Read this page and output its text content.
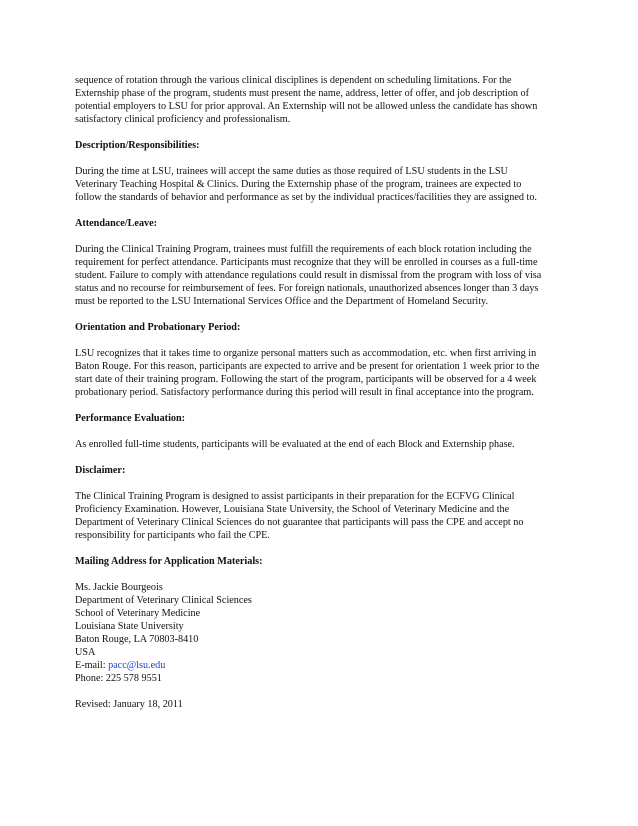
sequence of rotation through the various clinical disciplines is dependent on scheduling limitations. For the
Externship phase of the program, students must present the name, address, letter of offer, and job description of
potential employers to LSU for prior approval. An Externship will not be allowed unless the candidate has shown
satisfactory clinical proficiency and professionalism.

Description/Responsibilities:

During the time at LSU, trainees will accept the same duties as those required of LSU students in the LSU
Veterinary Teaching Hospital & Clinics. During the Externship phase of the program, trainees are expected to
follow the standards of behavior and performance as set by the individual practices/facilities they are assigned to.

Attendance/Leave:

During the Clinical Training Program, trainees must fulfill the requirements of each block rotation including the
requirement for perfect attendance. Participants must recognize that they will be enrolled in courses as a full-time
student. Failure to comply with attendance regulations could result in dismissal from the program with loss of visa
status and no recourse for reimbursement of fees. For foreign nationals, unauthorized absences longer than 3 days
must be reported to the LSU International Services Office and the Department of Homeland Security.

Orientation and Probationary Period:

LSU recognizes that it takes time to organize personal matters such as accommodation, etc. when first arriving in
Baton Rouge. For this reason, participants are expected to arrive and be present for orientation 1 week prior to the
start date of their training program. Following the start of the program, participants will be observed for a 4 week
probationary period. Satisfactory performance during this period will result in final acceptance into the program.

Performance Evaluation:

As enrolled full-time students, participants will be evaluated at the end of each Block and Externship phase.

Disclaimer:

The Clinical Training Program is designed to assist participants in their preparation for the ECFVG Clinical
Proficiency Examination. However, Louisiana State University, the School of Veterinary Medicine and the
Department of Veterinary Clinical Sciences do not guarantee that participants will pass the CPE and accept no
responsibility for participants who fail the CPE.

Mailing Address for Application Materials:
Ms. Jackie Bourgeois
Department of Veterinary Clinical Sciences
School of Veterinary Medicine
Louisiana State University
Baton Rouge, LA 70803-8410
USA
E-mail: pacc@lsu.edu
Phone: 225 578 9551

Revised: January 18, 2011
